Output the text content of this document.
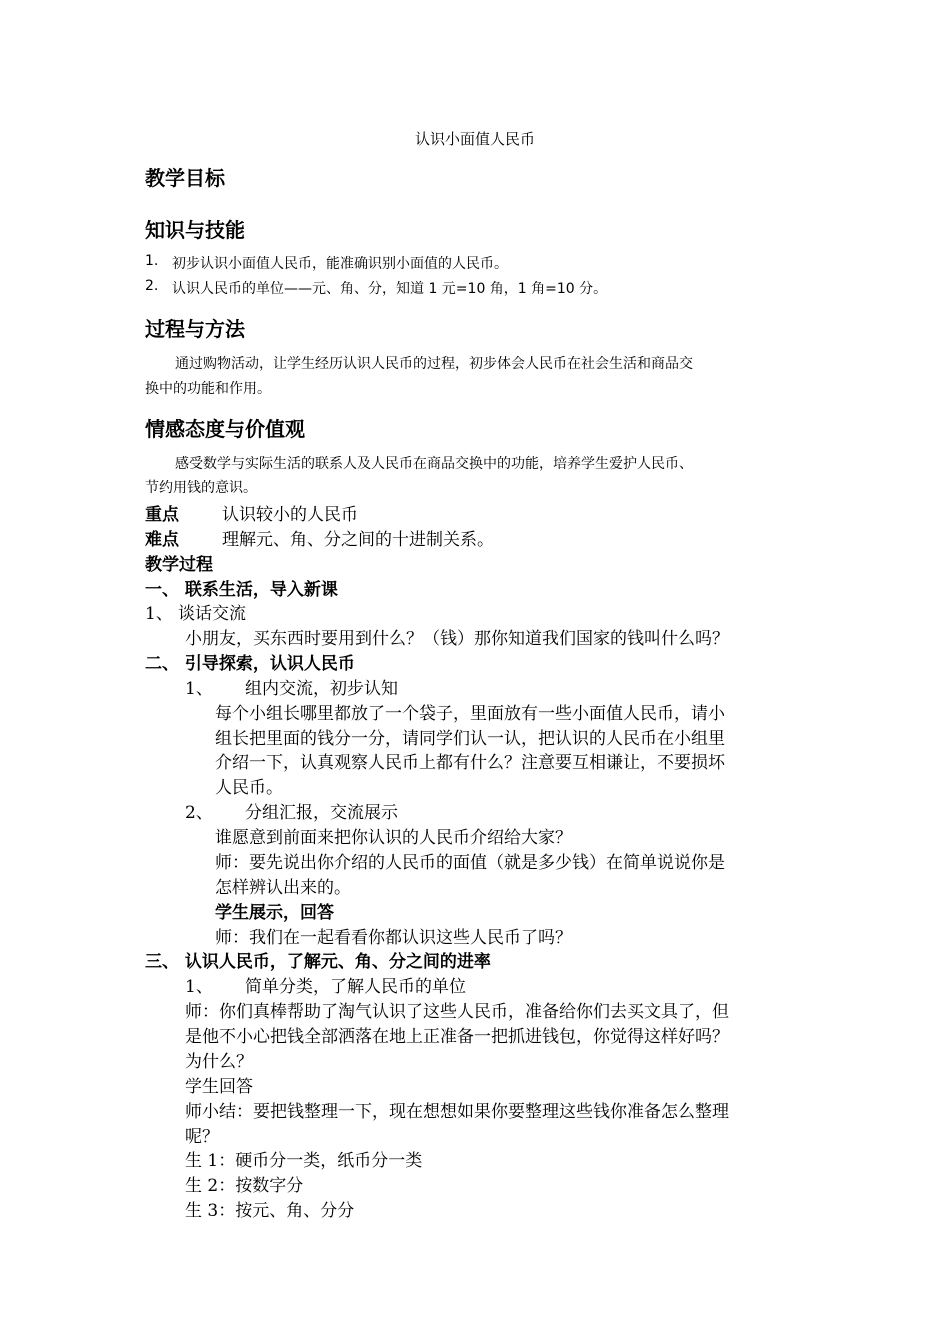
认识小面值人民币
教学目标
知识与技能
1. 初步认识小面值人民币，能准确识别小面值的人民币。
2. 认识人民币的单位——元、角、分，知道 1 元=10 角，1 角=10 分。
过程与方法
通过购物活动，让学生经历认识人民币的过程，初步体会人民币在社会生活和商品交
换中的功能和作用。
情感态度与价值观
感受数学与实际生活的联系人及人民币在商品交换中的功能，培养学生爱护人民币、
节约用钱的意识。
重点	认识较小的人民币
难点	理解元、角、分之间的十进制关系。
教学过程
一、 联系生活，导入新课
1、 谈话交流
小朋友，买东西时要用到什么？（钱）那你知道我们国家的钱叫什么吗？
二、 引导探索，认识人民币
1、 组内交流，初步认知
每个小组长哪里都放了一个袋子，里面放有一些小面值人民币，请小
组长把里面的钱分一分，请同学们认一认，把认识的人民币在小组里
介绍一下，认真观察人民币上都有什么？注意要互相谦让，不要损坏
人民币。
2、 分组汇报，交流展示
谁愿意到前面来把你认识的人民币介绍给大家？
师：要先说出你介绍的人民币的面值（就是多少钱）在简单说说你是
怎样辨认出来的。
学生展示，回答
师：我们在一起看看你都认识这些人民币了吗？
三、 认识人民币，了解元、角、分之间的进率
1、 简单分类，了解人民币的单位
师：你们真棒帮助了淘气认识了这些人民币，准备给你们去买文具了，但
是他不小心把钱全部洒落在地上正准备一把抓进钱包，你觉得这样好吗？
为什么？
学生回答
师小结：要把钱整理一下，现在想想如果你要整理这些钱你准备怎么整理
呢？
生 1：硬币分一类，纸币分一类
生 2：按数字分
生 3：按元、角、分分
